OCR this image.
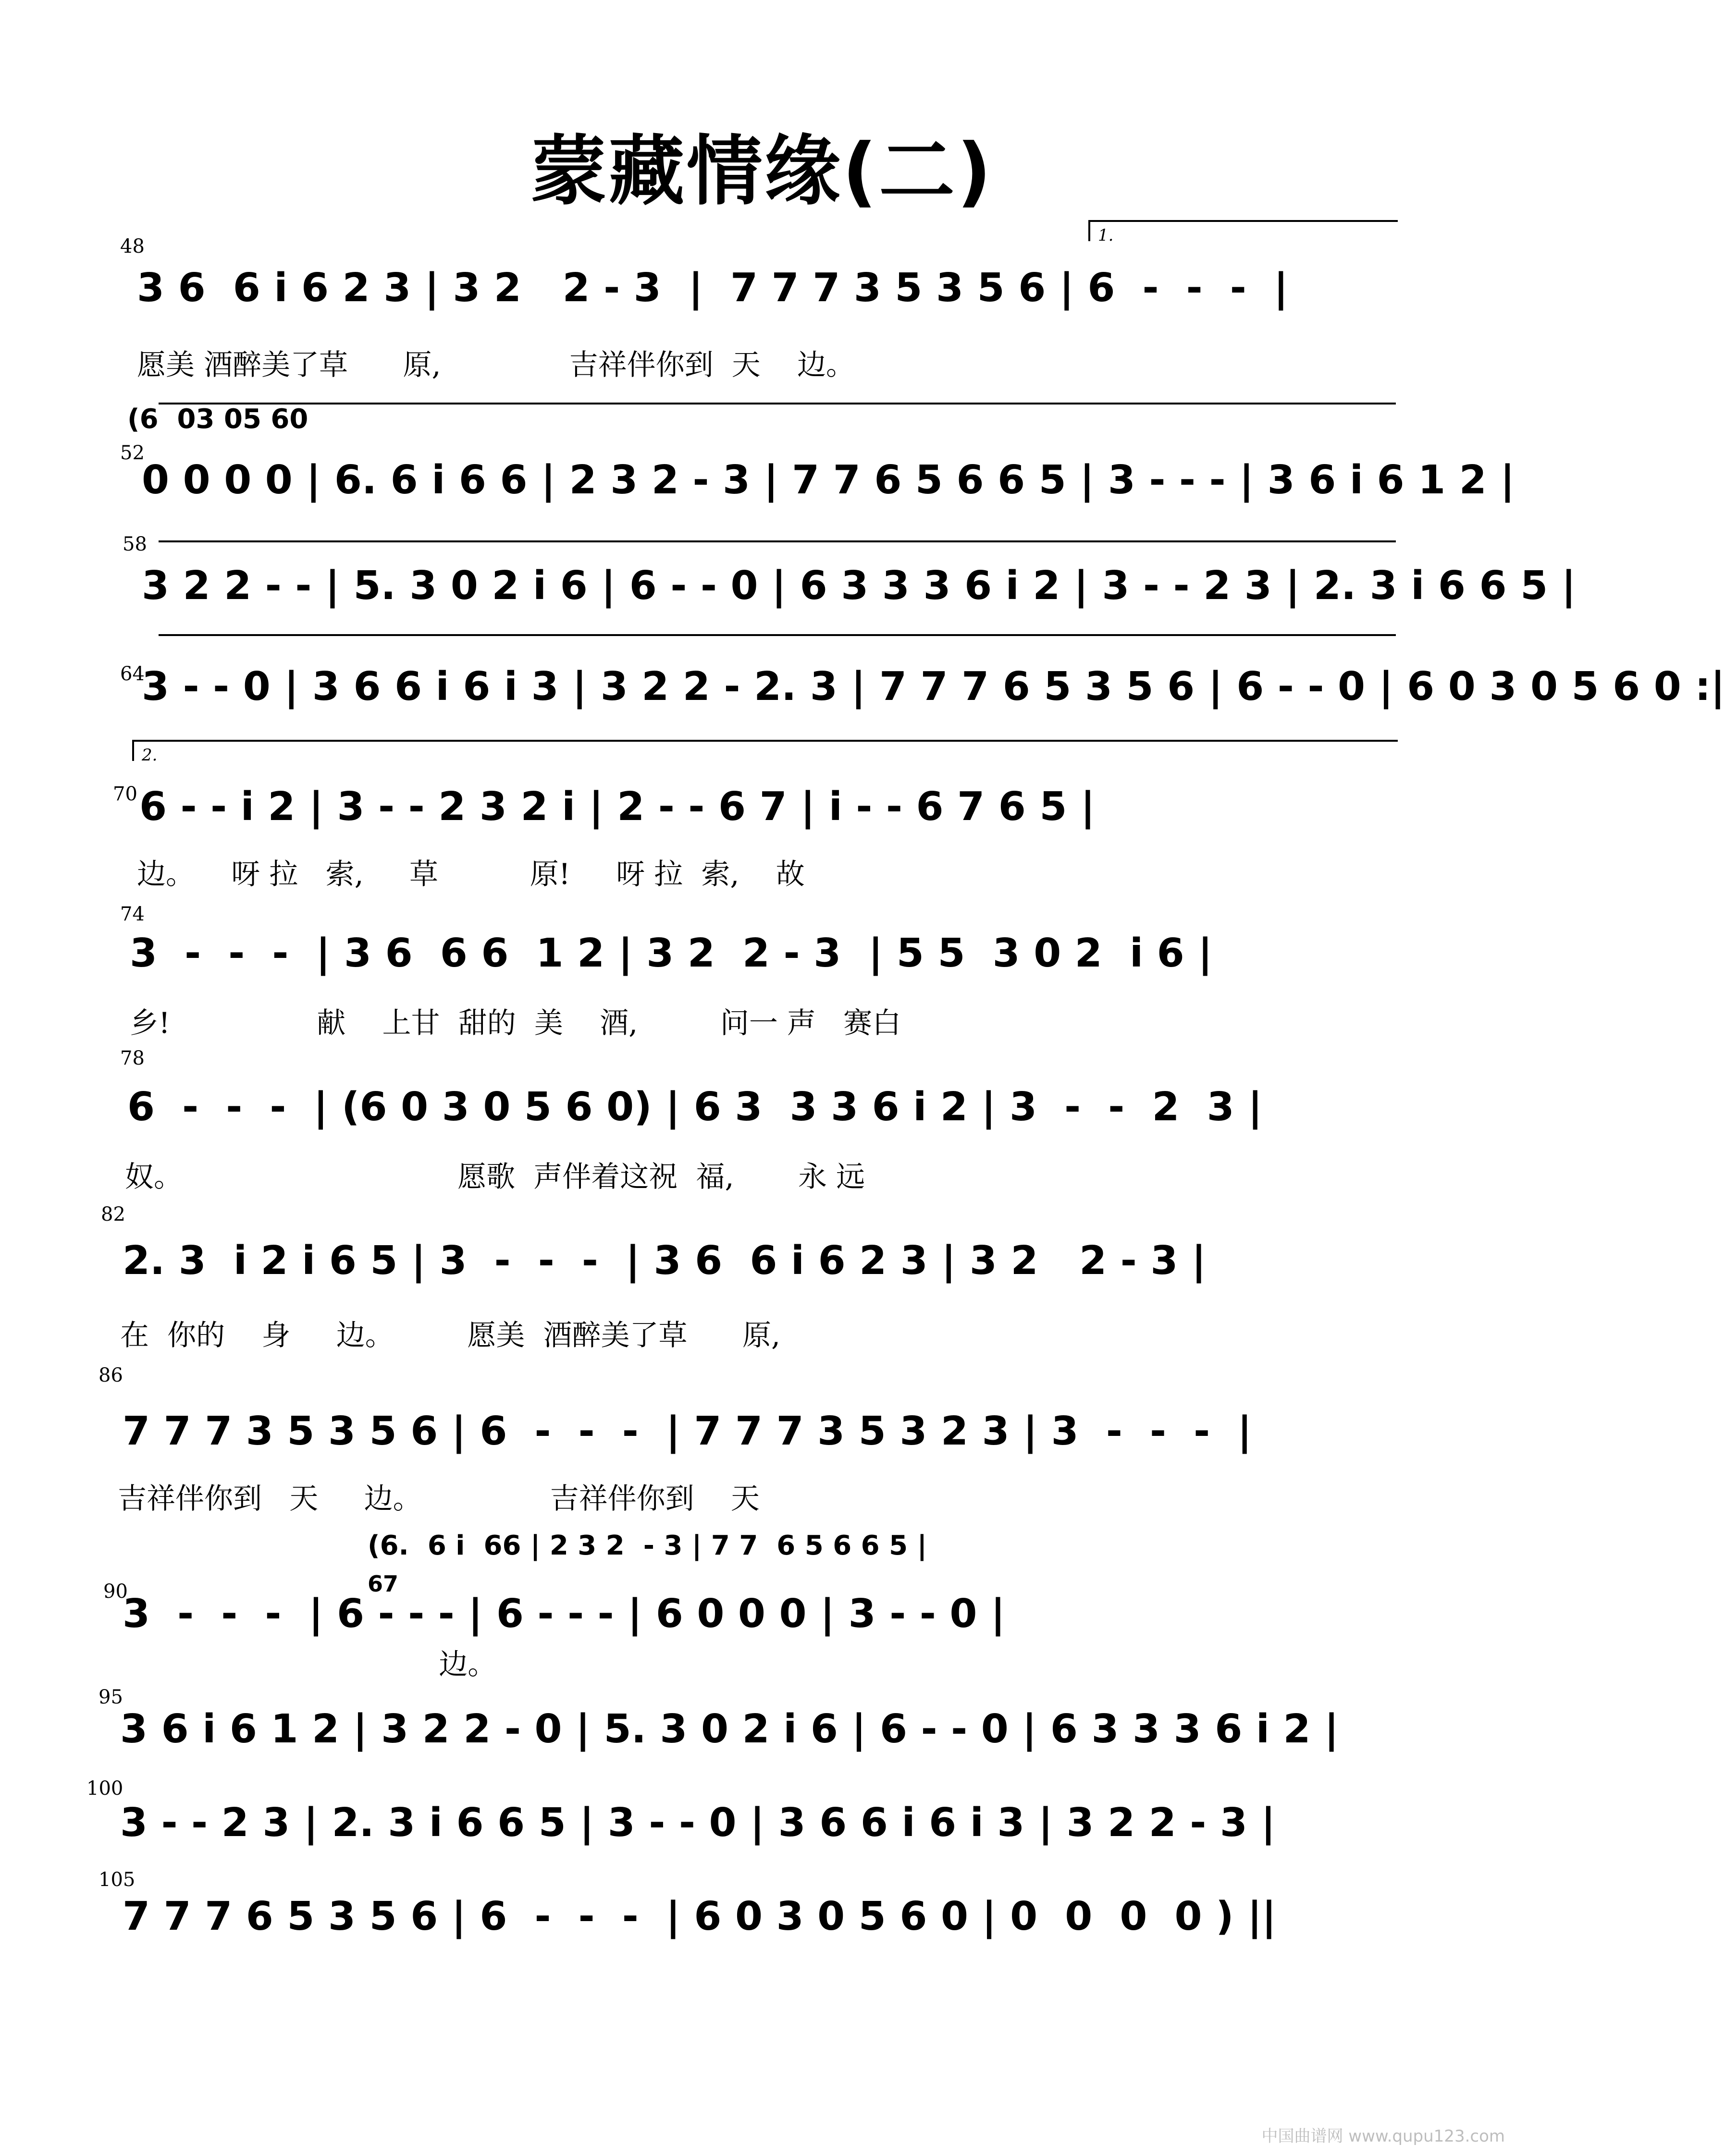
蒙藏情缘(二)
1.
2.
(6  03 05 60
48
3 6  6 i 6 2 3 | 3 2   2 - 3  |  7 7 7 3 5 3 5 6 | 6  -  -  -  |
愿美 酒醉美了草      原,              吉祥伴你到  天    边。
52
0 0 0 0 | 6. 6 i 6 6 | 2 3 2 - 3 | 7 7 6 5 6 6 5 | 3 - - - | 3 6 i 6 1 2 |
58
3 2 2 - - | 5. 3 0 2 i 6 | 6 - - 0 | 6 3 3 3 6 i 2 | 3 - - 2 3 | 2. 3 i 6 6 5 |
64
3 - - 0 | 3 6 6 i 6 i 3 | 3 2 2 - 2. 3 | 7 7 7 6 5 3 5 6 | 6 - - 0 | 6 0 3 0 5 6 0 :|
70 6 - - i 2 | 3 - - 2 3 2 i | 2 - - 6 7 | i - - 6 7 6 5 |
边。    呀 拉   索,     草          原!     呀 拉  索,    故
74
3  -  -  -  | 3 6  6 6  1 2 | 3 2  2 - 3  | 5 5  3 0 2  i 6 |
乡!                献    上甘  甜的  美    酒,         问一 声   赛白
78
6  -  -  -  | (6 0 3 0 5 6 0) | 6 3  3 3 6 i 2 | 3  -  -  2  3 |
奴。                              愿歌  声伴着这祝  福,       永 远
82
2. 3  i 2 i 6 5 | 3  -  -  -  | 3 6  6 i 6 2 3 | 3 2   2 - 3 |
在  你的    身     边。        愿美  酒醉美了草      原,
86
7 7 7 3 5 3 5 6 | 6  -  -  -  | 7 7 7 3 5 3 2 3 | 3  -  -  -  |
吉祥伴你到   天     边。              吉祥伴你到    天
(6.  6 i  66 | 2 3 2  - 3 | 7 7  6 5 6 6 5 |
67
90
3  -  -  -  | 6 - - - | 6 - - - | 6 0 0 0 | 3 - - 0 |
边。
95
3 6 i 6 1 2 | 3 2 2 - 0 | 5. 3 0 2 i 6 | 6 - - 0 | 6 3 3 3 6 i 2 |
100
3 - - 2 3 | 2. 3 i 6 6 5 | 3 - - 0 | 3 6 6 i 6 i 3 | 3 2 2 - 3 |
105
7 7 7 6 5 3 5 6 | 6  -  -  -  | 6 0 3 0 5 6 0 | 0  0  0  0 ) ||
中国曲谱网 www.qupu123.com
